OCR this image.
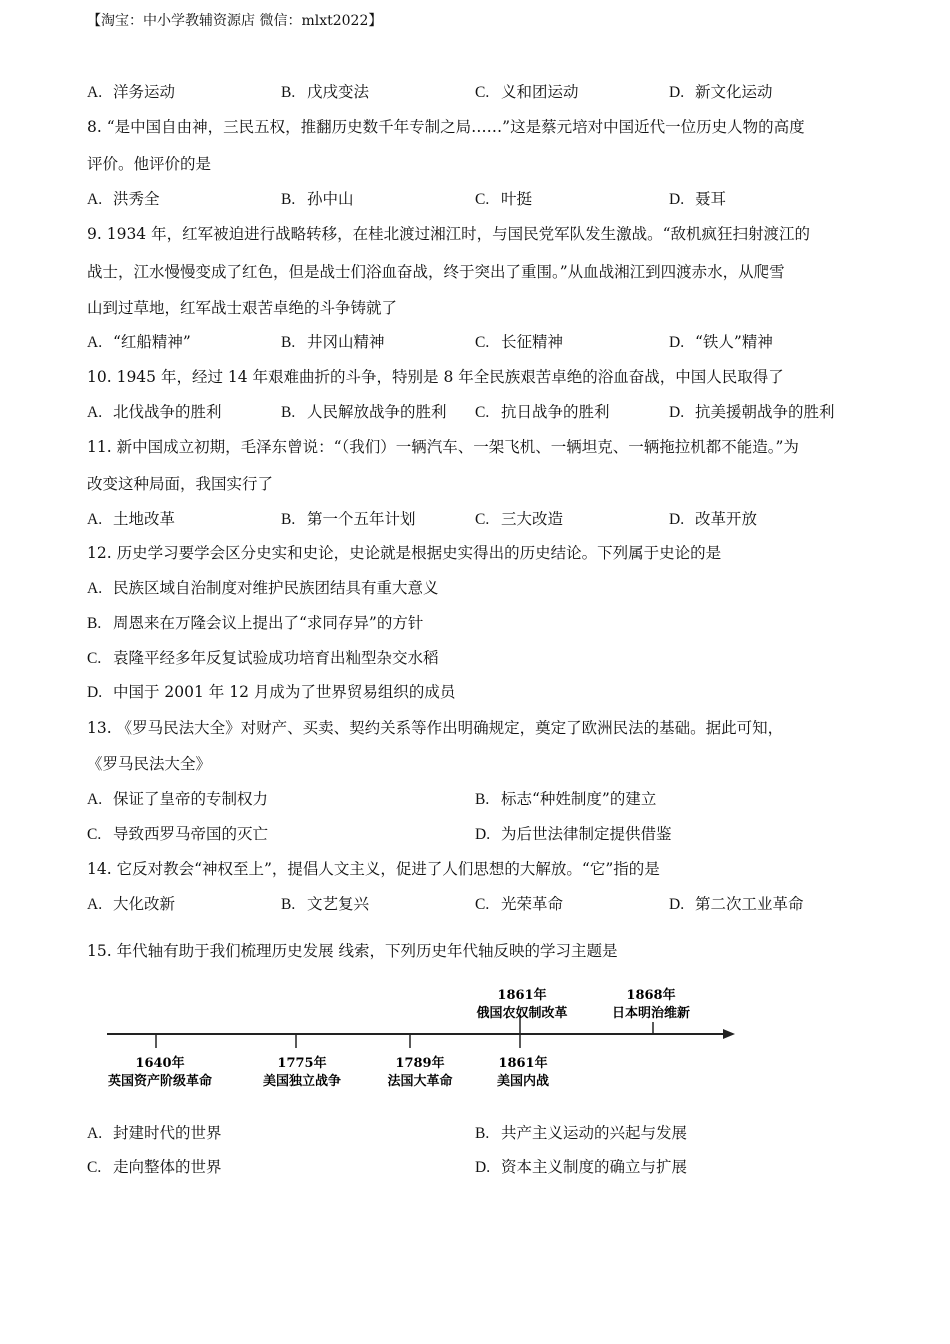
【淘宝：中小学教辅资源店 微信：mlxt2022】
A. 洋务运动	B. 戊戌变法	C. 义和团运动	D. 新文化运动
8. “是中国自由神，三民五权，推翻历史数千年专制之局……”这是蔡元培对中国近代一位历史人物的高度
评价。他评价的是
A. 洪秀全	B. 孙中山	C. 叶挺	D. 聂耳
9. 1934 年，红军被迫进行战略转移，在桂北渡过湘江时，与国民党军队发生激战。“敌机疯狂扫射渡江的
战士，江水慢慢变成了红色，但是战士们浴血奋战，终于突出了重围。”从血战湘江到四渡赤水，从爬雪
山到过草地，红军战士艰苦卓绝的斗争铸就了
A. “红船精神”	B. 井冈山精神	C. 长征精神	D. “铁人”精神
10. 1945 年，经过 14 年艰难曲折的斗争，特别是 8 年全民族艰苦卓绝的浴血奋战，中国人民取得了
A. 北伐战争的胜利	B. 人民解放战争的胜利 C. 抗日战争的胜利	D. 抗美援朝战争的胜利
11. 新中国成立初期，毛泽东曾说：“（我们）一辆汽车、一架飞机、一辆坦克、一辆拖拉机都不能造。”为
改变这种局面，我国实行了
A. 土地改革	B. 第一个五年计划	C. 三大改造	D. 改革开放
12. 历史学习要学会区分史实和史论，史论就是根据史实得出的历史结论。下列属于史论的是
A. 民族区域自治制度对维护民族团结具有重大意义
B. 周恩来在万隆会议上提出了“求同存异”的方针
C. 袁隆平经多年反复试验成功培育出籼型杂交水稻
D. 中国于 2001 年 12 月成为了世界贸易组织的成员
13. 《罗马民法大全》对财产、买卖、契约关系等作出明确规定，奠定了欧洲民法的基础。据此可知，
《罗马民法大全》
A. 保证了皇帝的专制权力	B. 标志“种姓制度”的建立
C. 导致西罗马帝国的灭亡	D. 为后世法律制定提供借鉴
14. 它反对教会“神权至上”，提倡人文主义，促进了人们思想的大解放。“它”指的是
A. 大化改新	B. 文艺复兴	C. 光荣革命	D. 第二次工业革命
15. 年代轴有助于我们梳理历史发展 线索，下列历史年代轴反映的学习主题是
1861年
俄国农奴制改革
1868年
日本明治维新
1640年
英国资产阶级革命
1775年
美国独立战争
1789年
法国大革命
1861年
美国内战
A. 封建时代的世界	B. 共产主义运动的兴起与发展
C. 走向整体的世界	D. 资本主义制度的确立与扩展
